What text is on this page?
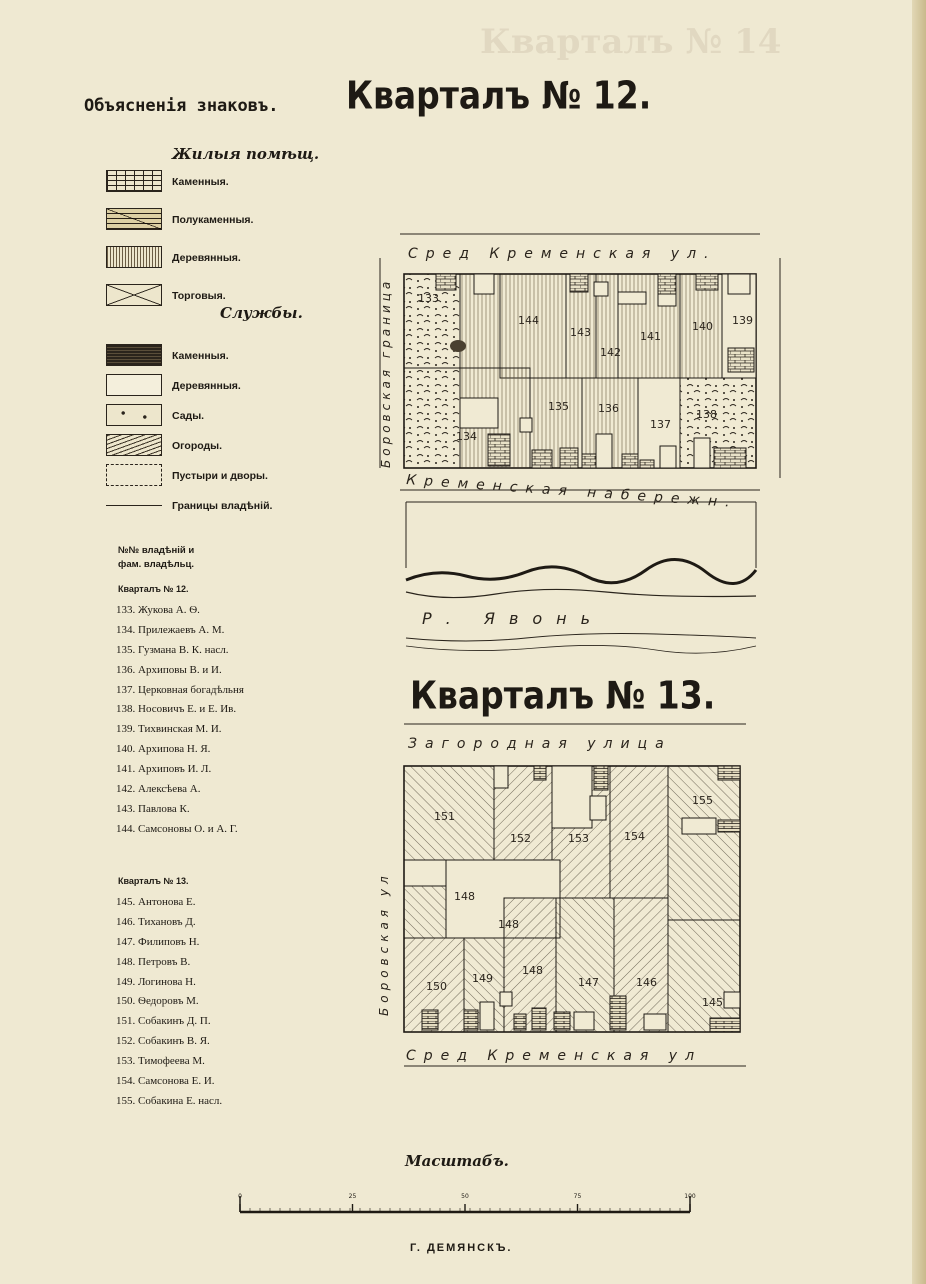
Кварталъ № 14
Объясненія знаковъ.
Жилыя помѣщ.
Каменныя.
Полукаменныя.
Деревянныя.
Торговыя.
Службы.
Каменныя.
Деревянныя.
Сады.
Огороды.
Пустыри и дворы.
Границы владѣній.
№№ владѣній и
фам. владѣльц.
Кварталъ № 12.
133. Жукова А. Ѳ.
134. Прилежаевъ А. М.
135. Гузмана В. К. насл.
136. Архиповы В. и И.
137. Церковная богадѣльня
138. Носовичъ Е. и Е. Ив.
139. Тихвинская М. И.
140. Архипова Н. Я.
141. Архиповъ И. Л.
142. Алексѣева А.
143. Павлова К.
144. Самсоновы О. и А. Г.
Кварталъ № 13.
145. Антонова Е.
146. Тихановъ Д.
147. Филиповъ Н.
148. Петровъ В.
149. Логинова Н.
150. Ѳедоровъ М.
151. Собакинъ Д. П.
152. Собакинъ В. Я.
153. Тимофеева М.
154. Самсонова Е. И.
155. Собакина Е. насл.
Кварталъ № 12.
Кварталъ № 13.
133
144
143
142
141
140 139
134
135	136
137
138
Сред Кременская ул.
Кременская набережн.
Боровская граница
Р. Явонь
151
152	153	154
155
148
148
148
149
150	147	146
145
Загородная улица
Сред Кременская ул
Боровская ул
Масштабъ.
0	25	50	75	100
Г. ДЕМЯНСКЪ.
